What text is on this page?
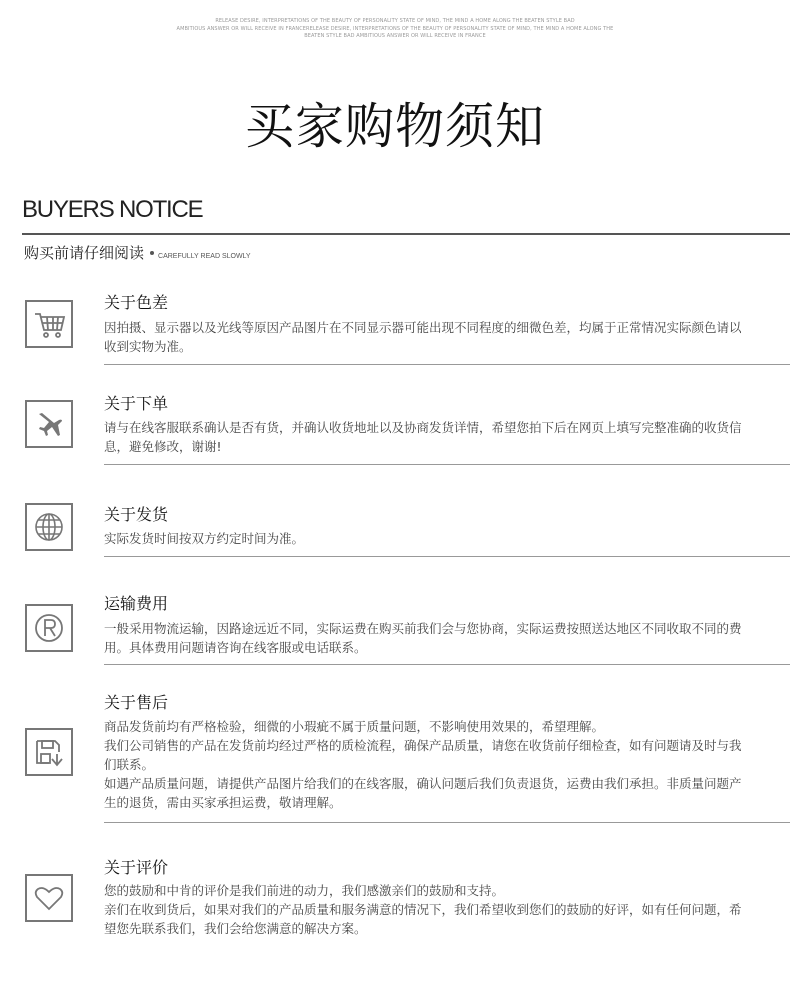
RELEASE DESIRE, INTERPRETATIONS OF THE BEAUTY OF PERSONALITY STATE OF MIND, THE MIND A HOME ALONG THE BEATEN STYLE BAD
AMBITIOUS ANSWER OR WILL RECEIVE IN FRANCERELEASE DESIRE, INTERPRETATIONS OF THE BEAUTY OF PERSONALITY STATE OF MIND, THE MIND A HOME ALONG THE
BEATEN STYLE BAD AMBITIOUS ANSWER OR WILL RECEIVE IN FRANCE
买家购物须知
BUYERS NOTICE
购买前请仔细阅读 CAREFULLY READ SLOWLY
关于色差

因拍摄、显示器以及光线等原因产品图片在不同显示器可能出现不同程度的细微色差，均属于正常情况实际颜色请以收到实物为准。

关于下单

请与在线客服联系确认是否有货，并确认收货地址以及协商发货详情，希望您拍下后在网页上填写完整准确的收货信息，避免修改，谢谢!

关于发货

实际发货时间按双方约定时间为准。

运输费用

一般采用物流运输，因路途远近不同，实际运费在购买前我们会与您协商，实际运费按照送达地区不同收取不同的费用。具体费用问题请咨询在线客服或电话联系。

关于售后

商品发货前均有严格检验，细微的小瑕疵不属于质量问题，不影响使用效果的，希望理解。

我们公司销售的产品在发货前均经过严格的质检流程，确保产品质量，请您在收货前仔细检查，如有问题请及时与我们联系。

如遇产品质量问题，请提供产品图片给我们的在线客服，确认问题后我们负责退货，运费由我们承担。非质量问题产生的退货，需由买家承担运费，敬请理解。

关于评价

您的鼓励和中肯的评价是我们前进的动力，我们感激亲们的鼓励和支持。

亲们在收到货后，如果对我们的产品质量和服务满意的情况下，我们希望收到您们的鼓励的好评，如有任何问题，希望您先联系我们，我们会给您满意的解决方案。
